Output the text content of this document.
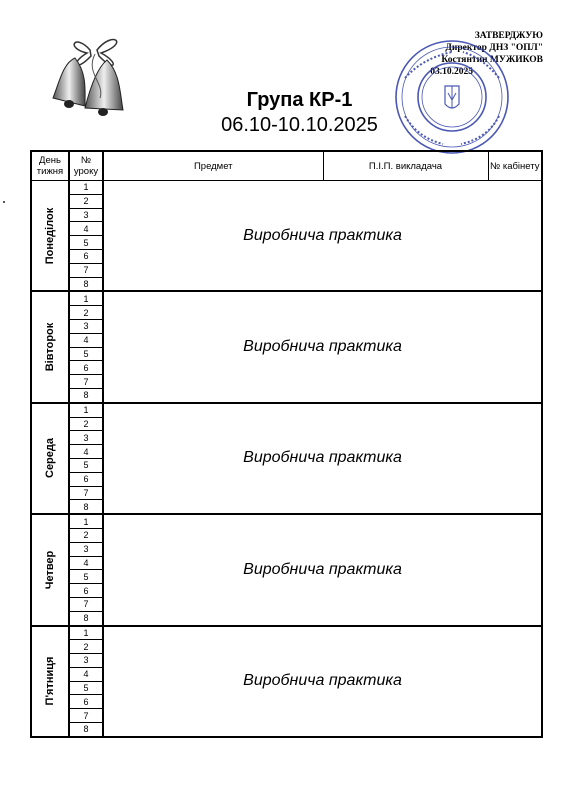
ЗАТВЕРДЖУЮ
Директор ДНЗ "ОПЛ"
Костянтин МУЖИКОВ
03.10.2025
Група КР-1
06.10-10.10.2025
День тижня	№ уроку	Предмет	П.І.П. викладача	№ кабінету

Понеділок	1	Виробнича практика		
	2			
	3			
	4			
	5			
	6			
	7			
	8			

Вівторок	1	Виробнича практика		
	2			
	3			
	4			
	5			
	6			
	7			
	8			

Середа	1	Виробнича практика		
	2			
	3			
	4			
	5			
	6			
	7			
	8			

Четвер	1	Виробнича практика		
	2			
	3			
	4			
	5			
	6			
	7			
	8			

П'ятниця	1	Виробнича практика		
	2			
	3			
	4			
	5			
	6			
	7			
	8			
